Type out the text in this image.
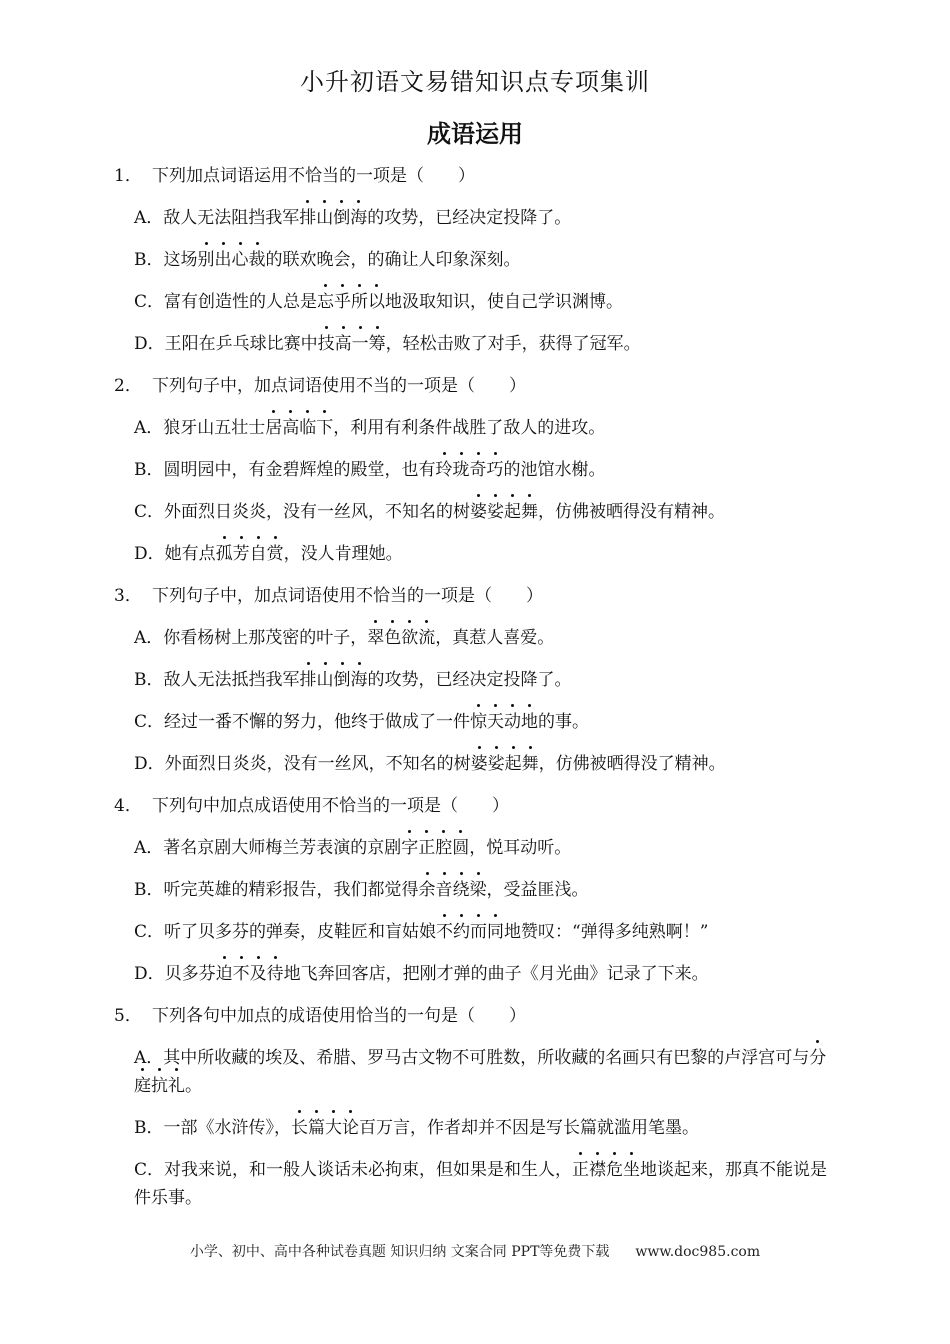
小升初语文易错知识点专项集训
成语运用
1． 下列加点词语运用不恰当的一项是（　　）
A．敌人无法阻挡我军排山倒海的攻势，已经决定投降了。
B．这场别出心裁的联欢晚会，的确让人印象深刻。
C．富有创造性的人总是忘乎所以地汲取知识，使自己学识渊博。
D．王阳在乒乓球比赛中技高一筹，轻松击败了对手，获得了冠军。
2． 下列句子中，加点词语使用不当的一项是（　　）
A．狼牙山五壮士居高临下，利用有利条件战胜了敌人的进攻。
B．圆明园中，有金碧辉煌的殿堂，也有玲珑奇巧的池馆水榭。
C．外面烈日炎炎，没有一丝风，不知名的树婆娑起舞，仿佛被晒得没有精神。
D．她有点孤芳自赏，没人肯理她。
3． 下列句子中，加点词语使用不恰当的一项是（　　）
A．你看杨树上那茂密的叶子，翠色欲流，真惹人喜爱。
B．敌人无法抵挡我军排山倒海的攻势，已经决定投降了。
C．经过一番不懈的努力，他终于做成了一件惊天动地的事。
D．外面烈日炎炎，没有一丝风，不知名的树婆娑起舞，仿佛被晒得没了精神。
4． 下列句中加点成语使用不恰当的一项是（　　）
A．著名京剧大师梅兰芳表演的京剧字正腔圆，悦耳动听。
B．听完英雄的精彩报告，我们都觉得余音绕梁，受益匪浅。
C．听了贝多芬的弹奏，皮鞋匠和盲姑娘不约而同地赞叹：“弹得多纯熟啊！”
D．贝多芬迫不及待地飞奔回客店，把刚才弹的曲子《月光曲》记录了下来。
5． 下列各句中加点的成语使用恰当的一句是（　　）
A．其中所收藏的埃及、希腊、罗马古文物不可胜数，所收藏的名画只有巴黎的卢浮宫可与分庭抗礼。
B．一部《水浒传》，长篇大论百万言，作者却并不因是写长篇就滥用笔墨。
C．对我来说，和一般人谈话未必拘束，但如果是和生人，正襟危坐地谈起来，那真不能说是件乐事。
小学、初中、高中各种试卷真题 知识归纳 文案合同 PPT等免费下载 www.doc985.com
